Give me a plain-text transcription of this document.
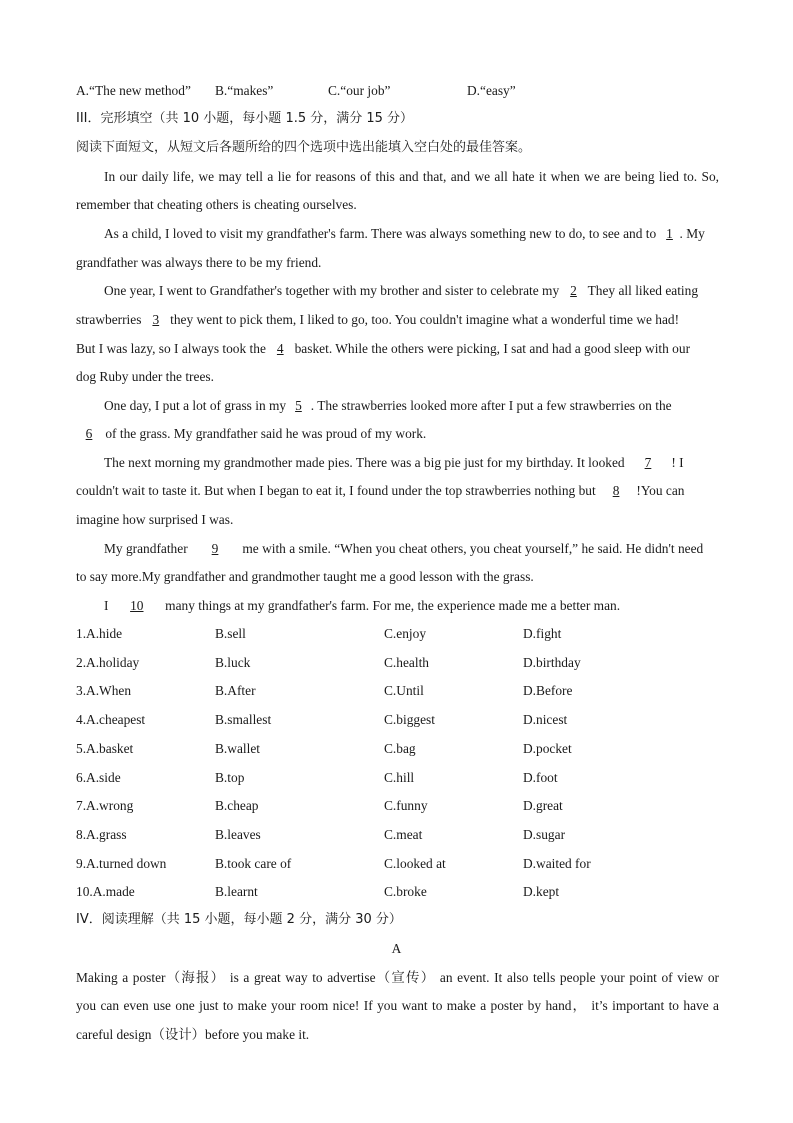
A.“The new method” B.“makes”	C.“our job”	D.“easy”
III．完形填空（共 10 小题，每小题 1.5 分，满分 15 分）
阅读下面短文，从短文后各题所给的四个选项中选出能填入空白处的最佳答案。
In our daily life, we may tell a lie for reasons of this and that, and we all hate it when we are being lied to. So,
remember that cheating others is cheating ourselves.
As a child, I loved to visit my grandfather's farm. There was always something new to do, to see and to 1 . My
grandfather was always there to be my friend.
One year, I went to Grandfather's together with my brother and sister to celebrate my 2 They all liked eating
strawberries 3 they went to pick them, I liked to go, too. You couldn't imagine what a wonderful time we had!
But I was lazy, so I always took the 4 basket. While the others were picking, I sat and had a good sleep with our
dog Ruby under the trees.
One day, I put a lot of grass in my 5 . The strawberries looked more after I put a few strawberries on the
6 of the grass. My grandfather said he was proud of my work.
The next morning my grandmother made pies. There was a big pie just for my birthday. It looked 7 ! I
couldn't wait to taste it. But when I began to eat it, I found under the top strawberries nothing but 8 !You can
imagine how surprised I was.
My grandfather 9 me with a smile. “When you cheat others, you cheat yourself,” he said. He didn't need
to say more.My grandfather and grandmother taught me a good lesson with the grass.
I 10 many things at my grandfather's farm. For me, the experience made me a better man.
1.A.hide	B.sell	C.enjoy	D.fight
2.A.holiday	B.luck	C.health	D.birthday
3.A.When	B.After	C.Until	D.Before
4.A.cheapest	B.smallest	C.biggest	D.nicest
5.A.basket	B.wallet	C.bag	D.pocket
6.A.side	B.top	C.hill	D.foot
7.A.wrong	B.cheap	C.funny	D.great
8.A.grass	B.leaves	C.meat	D.sugar
9.A.turned down	B.took care of	C.looked at	D.waited for
10.A.made	B.learnt	C.broke	D.kept
IV．阅读理解（共 15 小题，每小题 2 分，满分 30 分）
A
Making a poster（海报） is a great way to advertise（宣传） an event. It also tells people your point of view or
you can even use one just to make your room nice! If you want to make a poster by hand， it’s important to have a
careful design（设计）before you make it.
